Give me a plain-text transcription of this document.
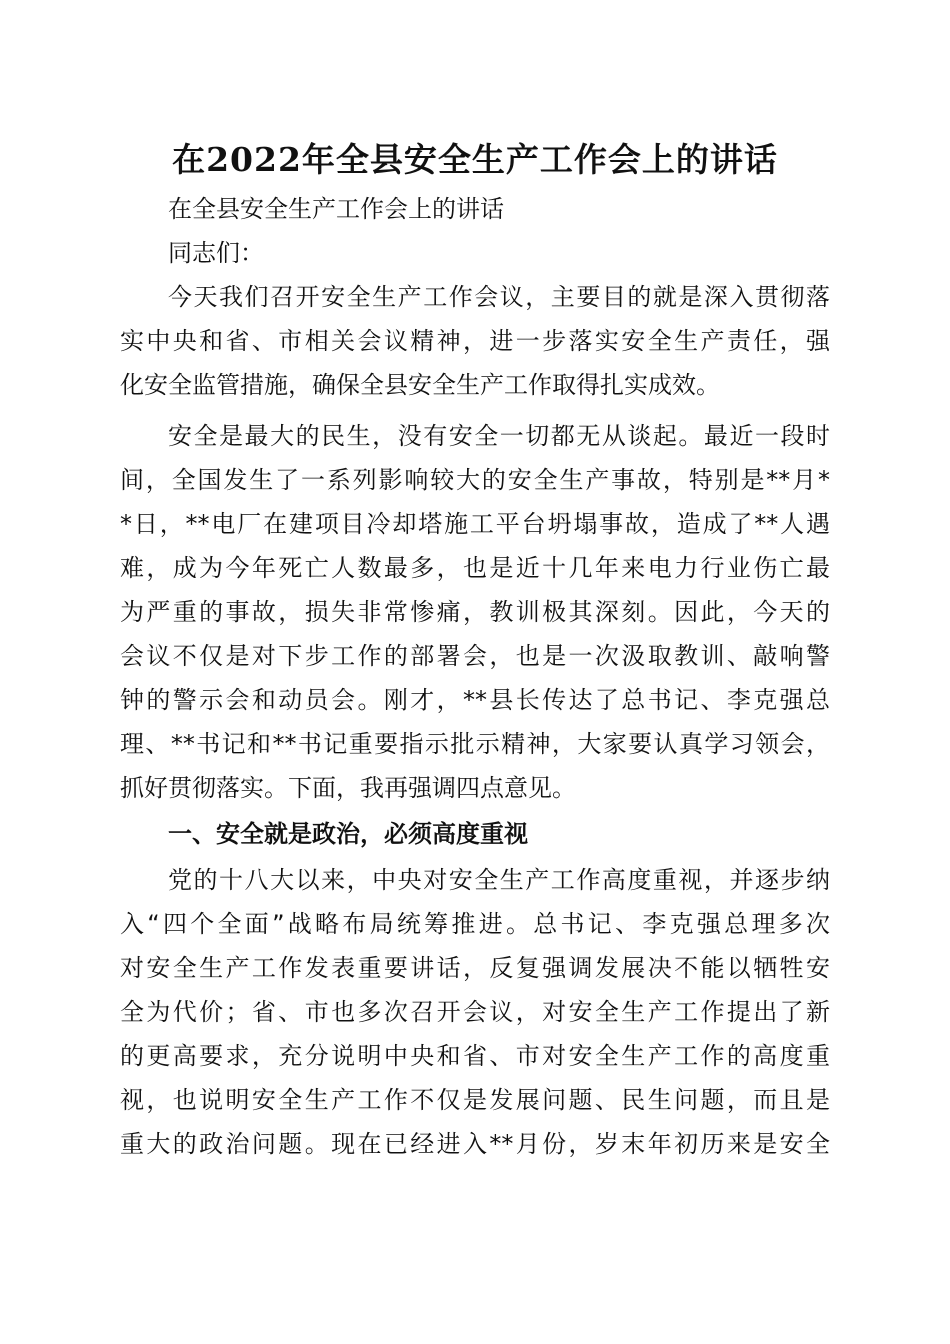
在2022年全县安全生产工作会上的讲话
在全县安全生产工作会上的讲话
同志们：
今天我们召开安全生产工作会议，主要目的就是深入贯彻落
实中央和省、市相关会议精神，进一步落实安全生产责任，强
化安全监管措施，确保全县安全生产工作取得扎实成效。
安全是最大的民生，没有安全一切都无从谈起。最近一段时
间，全国发生了一系列影响较大的安全生产事故，特别是**月*
*日，**电厂在建项目冷却塔施工平台坍塌事故，造成了**人遇
难，成为今年死亡人数最多，也是近十几年来电力行业伤亡最
为严重的事故，损失非常惨痛，教训极其深刻。因此，今天的
会议不仅是对下步工作的部署会，也是一次汲取教训、敲响警
钟的警示会和动员会。刚才，**县长传达了总书记、李克强总
理、**书记和**书记重要指示批示精神，大家要认真学习领会，
抓好贯彻落实。下面，我再强调四点意见。
一、安全就是政治，必须高度重视
党的十八大以来，中央对安全生产工作高度重视，并逐步纳
入“四个全面”战略布局统筹推进。总书记、李克强总理多次
对安全生产工作发表重要讲话，反复强调发展决不能以牺牲安
全为代价；省、市也多次召开会议，对安全生产工作提出了新
的更高要求，充分说明中央和省、市对安全生产工作的高度重
视，也说明安全生产工作不仅是发展问题、民生问题，而且是
重大的政治问题。现在已经进入**月份，岁末年初历来是安全
